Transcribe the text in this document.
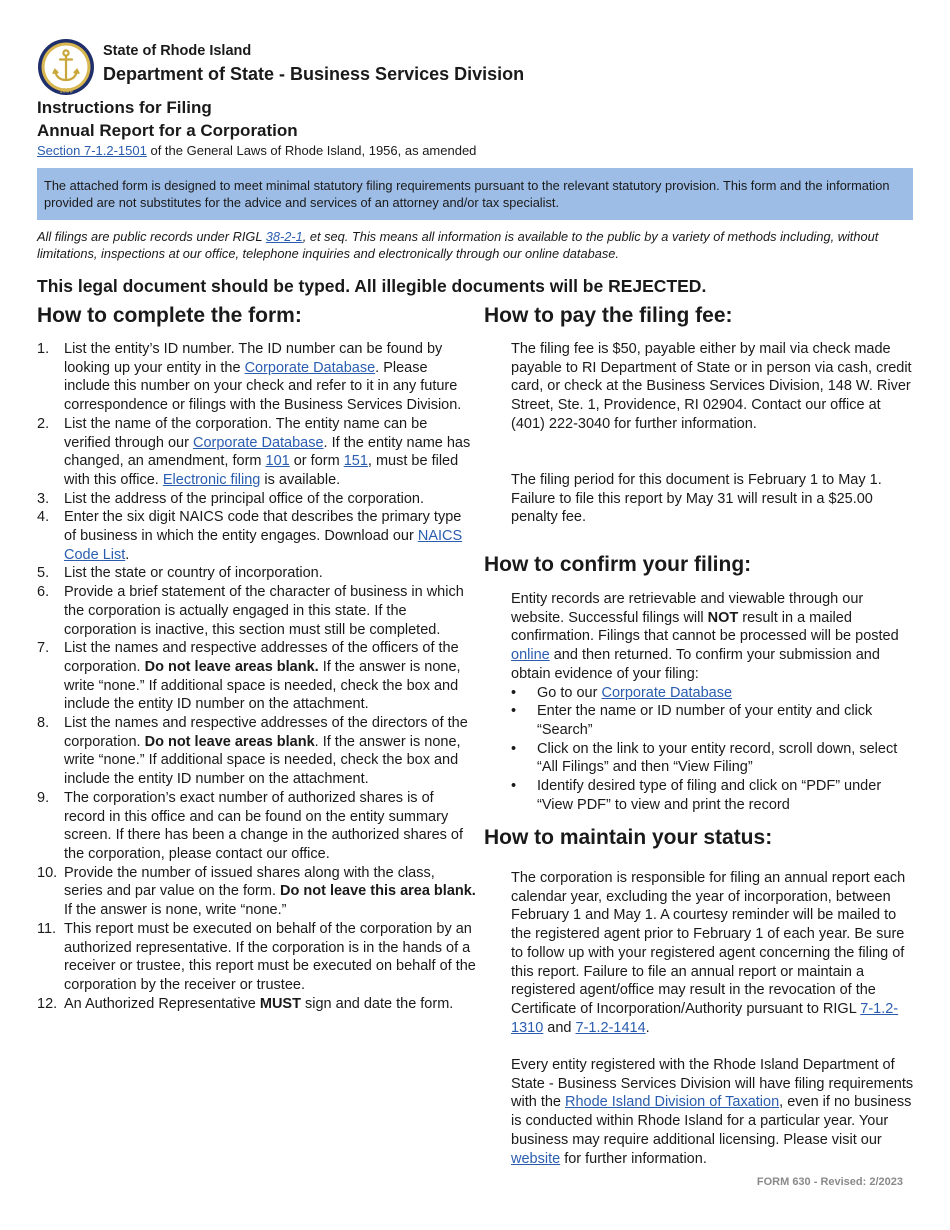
1636
State of Rhode Island
Department of State - Business Services Division
Instructions for Filing
Annual Report for a Corporation
Section 7-1.2-1501 of the General Laws of Rhode Island, 1956, as amended
The attached form is designed to meet minimal statutory filing requirements pursuant to the relevant statutory provision. This form and the information provided are not substitutes for the advice and services of an attorney and/or tax specialist.
All filings are public records under RIGL 38-2-1, et seq. This means all information is available to the public by a variety of methods including, without limitations, inspections at our office, telephone inquiries and electronically through our online database.
This legal document should be typed. All illegible documents will be REJECTED.
How to complete the form:
1. List the entity’s ID number. The ID number can be found by looking up your entity in the Corporate Database. Please include this number on your check and refer to it in any future correspondence or filings with the Business Services Division.
2. List the name of the corporation. The entity name can be verified through our Corporate Database. If the entity name has changed, an amendment, form 101 or form 151, must be filed with this office. Electronic filing is available.
3. List the address of the principal office of the corporation.
4. Enter the six digit NAICS code that describes the primary type of business in which the entity engages. Download our NAICS Code List.
5. List the state or country of incorporation.
6. Provide a brief statement of the character of business in which the corporation is actually engaged in this state. If the corporation is inactive, this section must still be completed.
7. List the names and respective addresses of the officers of the corporation. Do not leave areas blank. If the answer is none, write “none.” If additional space is needed, check the box and include the entity ID number on the attachment.
8. List the names and respective addresses of the directors of the corporation. Do not leave areas blank. If the answer is none, write “none.” If additional space is needed, check the box and include the entity ID number on the attachment.
9. The corporation’s exact number of authorized shares is of record in this office and can be found on the entity summary screen. If there has been a change in the authorized shares of the corporation, please contact our office.
10. Provide the number of issued shares along with the class, series and par value on the form. Do not leave this area blank. If the answer is none, write “none.”
11. This report must be executed on behalf of the corporation by an authorized representative. If the corporation is in the hands of a receiver or trustee, this report must be executed on behalf of the corporation by the receiver or trustee.
12. An Authorized Representative MUST sign and date the form.
How to pay the filing fee:
The filing fee is $50, payable either by mail via check made payable to RI Department of State or in person via cash, credit card, or check at the Business Services Division, 148 W. River Street, Ste. 1, Providence, RI 02904. Contact our office at (401) 222-3040 for further information.
The filing period for this document is February 1 to May 1. Failure to file this report by May 31 will result in a $25.00 penalty fee.
How to confirm your filing:
Entity records are retrievable and viewable through our website. Successful filings will NOT result in a mailed confirmation. Filings that cannot be processed will be posted online and then returned. To confirm your submission and obtain evidence of your filing:
• Go to our Corporate Database
• Enter the name or ID number of your entity and click “Search”
• Click on the link to your entity record, scroll down, select “All Filings” and then “View Filing”
• Identify desired type of filing and click on “PDF” under “View PDF” to view and print the record
How to maintain your status:
The corporation is responsible for filing an annual report each calendar year, excluding the year of incorporation, between February 1 and May 1. A courtesy reminder will be mailed to the registered agent prior to February 1 of each year. Be sure to follow up with your registered agent concerning the filing of this report. Failure to file an annual report or maintain a registered agent/office may result in the revocation of the Certificate of Incorporation/Authority pursuant to RIGL 7-1.2-1310 and 7-1.2-1414.
Every entity registered with the Rhode Island Department of State - Business Services Division will have filing requirements with the Rhode Island Division of Taxation, even if no business is conducted within Rhode Island for a particular year. Your business may require additional licensing. Please visit our website for further information.
FORM 630 - Revised: 2/2023
